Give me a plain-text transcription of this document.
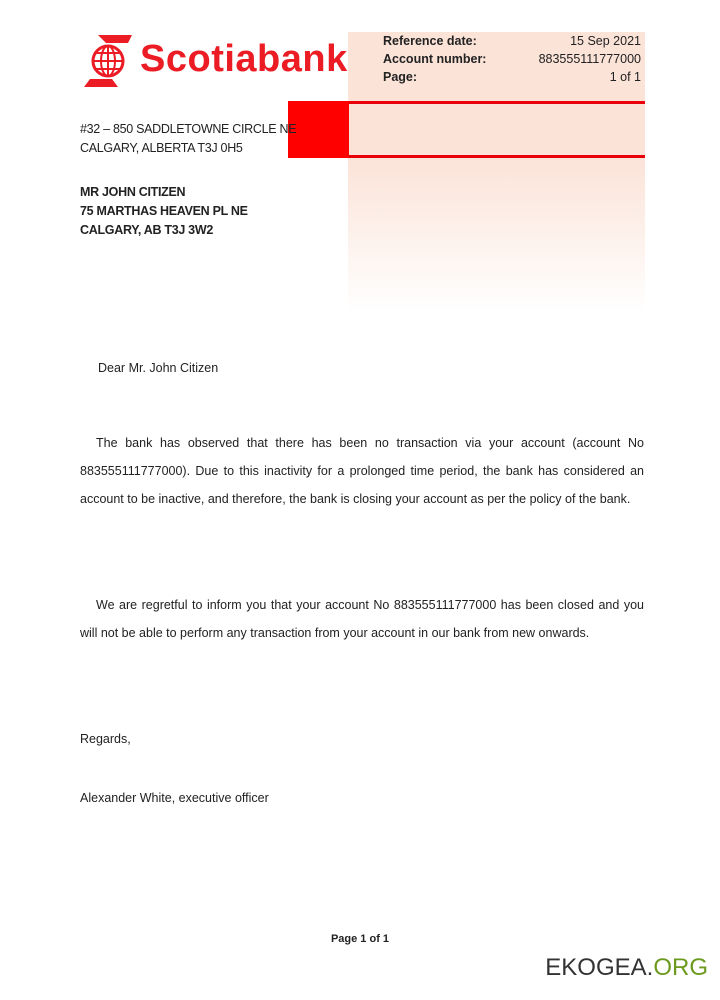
Scotiabank	Reference date:	15 Sep 2021
Account number:	883555111777000
Page:	1 of 1
#32 – 850 SADDLETOWNE CIRCLE NE
CALGARY, ALBERTA T3J 0H5
MR JOHN CITIZEN
75 MARTHAS HEAVEN PL NE
CALGARY, AB T3J 3W2
Dear Mr. John Citizen
The bank has observed that there has been no transaction via your account (account No 883555111777000). Due to this inactivity for a prolonged time period, the bank has considered an account to be inactive, and therefore, the bank is closing your account as per the policy of the bank.
We are regretful to inform you that your account No 883555111777000 has been closed and you will not be able to perform any transaction from your account in our bank from new onwards.
Regards,
Alexander White, executive officer
Page 1 of 1
EKOGEA.ORG
